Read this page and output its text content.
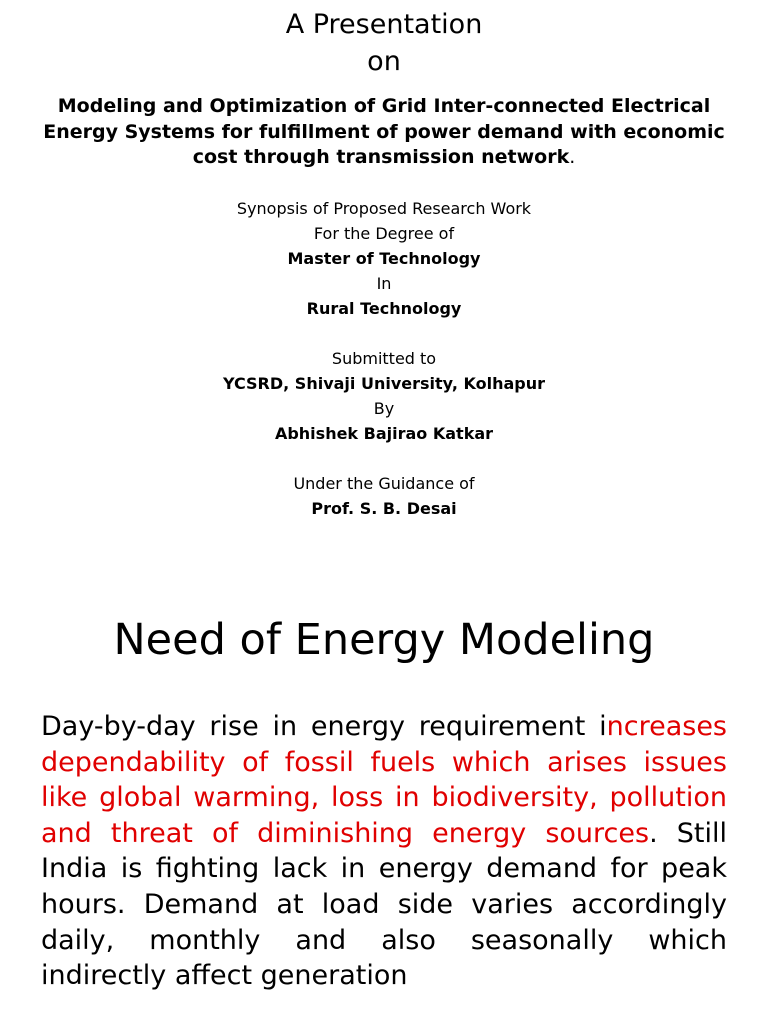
A Presentation

on

Modeling and Optimization of Grid Inter-connected Electrical Energy Systems for fulfillment of power demand with economic cost through transmission network.
Synopsis of Proposed Research Work
For the Degree of
Master of Technology
In
Rural Technology
Submitted to
YCSRD, Shivaji University, Kolhapur
By
Abhishek Bajirao Katkar
Under the Guidance of
Prof. S. B. Desai
Need of Energy Modeling

Day-by-day rise in energy requirement increases dependability of fossil fuels which arises issues like global warming, loss in biodiversity, pollution and threat of diminishing energy sources. Still India is fighting lack in energy demand for peak hours. Demand at load side varies accordingly daily, monthly and also seasonally which indirectly affect generation
